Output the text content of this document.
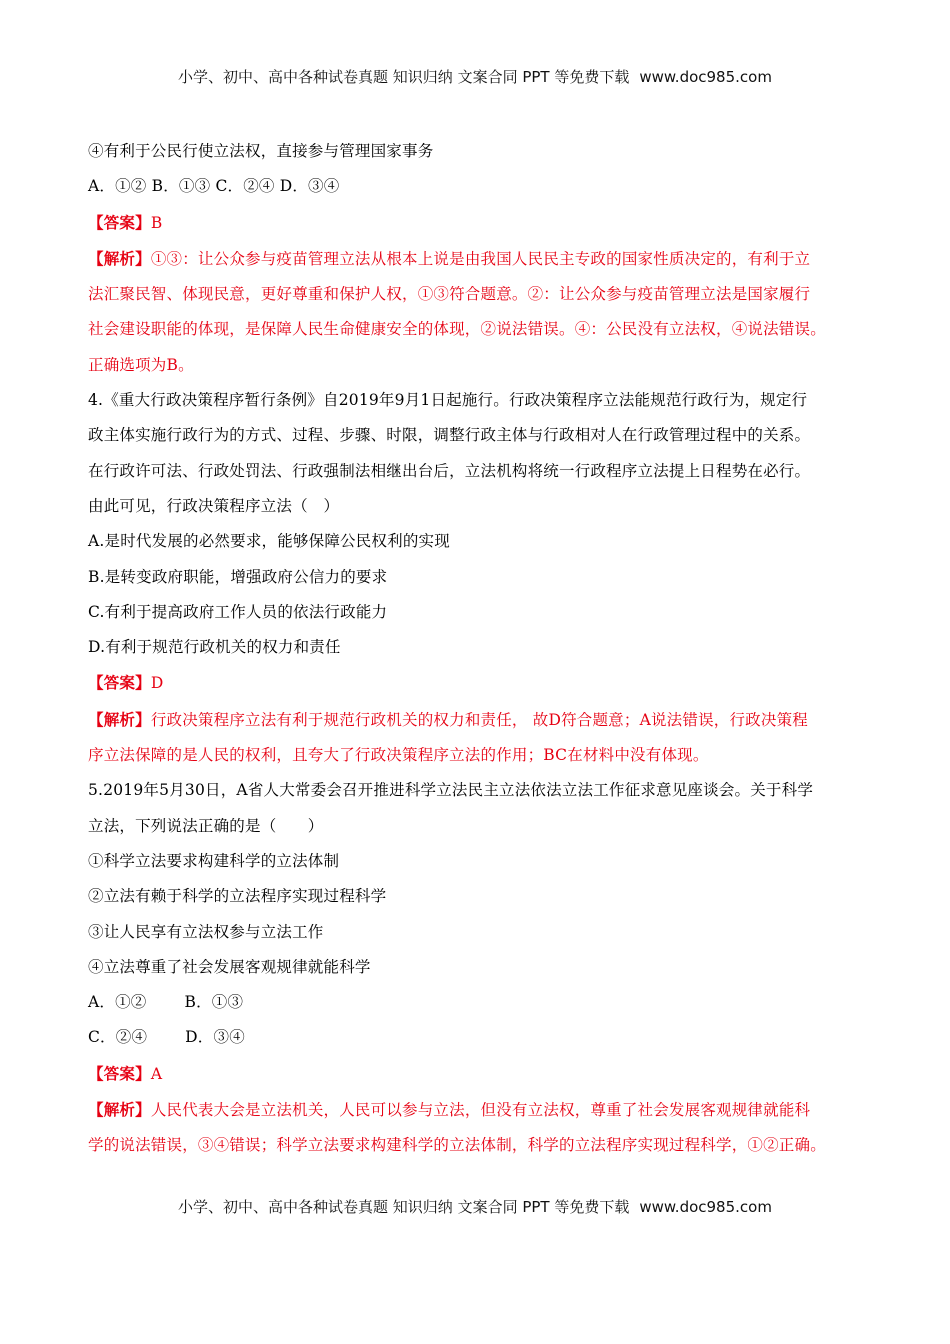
小学、初中、高中各种试卷真题 知识归纳 文案合同 PPT 等免费下载 www.doc985.com
④有利于公民行使立法权，直接参与管理国家事务
A．①② B．①③ C．②④ D．③④
【答案】B
【解析】①③：让公众参与疫苗管理立法从根本上说是由我国人民民主专政的国家性质决定的，有利于立
法汇聚民智、体现民意，更好尊重和保护人权，①③符合题意。②：让公众参与疫苗管理立法是国家履行
社会建设职能的体现，是保障人民生命健康安全的体现，②说法错误。④：公民没有立法权，④说法错误。
正确选项为B。
4.《重大行政决策程序暂行条例》自2019年9月1日起施行。行政决策程序立法能规范行政行为，规定行
政主体实施行政行为的方式、过程、步骤、时限，调整行政主体与行政相对人在行政管理过程中的关系。
在行政许可法、行政处罚法、行政强制法相继出台后，立法机构将统一行政程序立法提上日程势在必行。
由此可见，行政决策程序立法（　）
A.是时代发展的必然要求，能够保障公民权利的实现
B.是转变政府职能，增强政府公信力的要求
C.有利于提高政府工作人员的依法行政能力
D.有利于规范行政机关的权力和责任
【答案】D
【解析】行政决策程序立法有利于规范行政机关的权力和责任， 故D符合题意；A说法错误，行政决策程
序立法保障的是人民的权利，且夸大了行政决策程序立法的作用；BC在材料中没有体现。
5.2019年5月30日，A省人大常委会召开推进科学立法民主立法依法立法工作征求意见座谈会。关于科学
立法，下列说法正确的是（　　）
①科学立法要求构建科学的立法体制
②立法有赖于科学的立法程序实现过程科学
③让人民享有立法权参与立法工作
④立法尊重了社会发展客观规律就能科学
A．①② B．①③
C．②④ D．③④
【答案】A
【解析】人民代表大会是立法机关，人民可以参与立法，但没有立法权，尊重了社会发展客观规律就能科
学的说法错误，③④错误；科学立法要求构建科学的立法体制，科学的立法程序实现过程科学，①②正确。
小学、初中、高中各种试卷真题 知识归纳 文案合同 PPT 等免费下载 www.doc985.com
